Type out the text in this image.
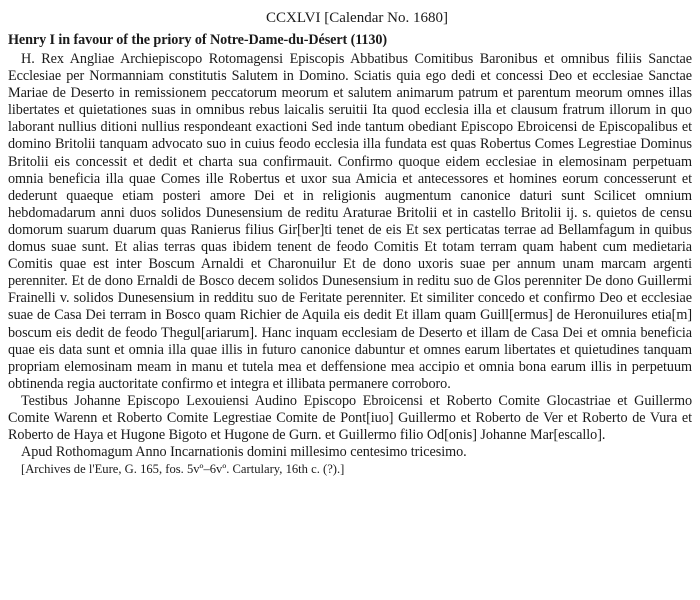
CCXLVI [Calendar No. 1680]
Henry I in favour of the priory of Notre-Dame-du-Désert (1130)

H. Rex Angliae Archiepiscopo Rotomagensi Episcopis Abbatibus Comitibus Baronibus et omnibus filiis Sanctae Ecclesiae per Normanniam constitutis Salutem in Domino. Sciatis quia ego dedi et concessi Deo et ecclesiae Sanctae Mariae de Deserto in remissionem peccatorum meorum et salutem animarum patrum et parentum meorum omnes illas libertates et quietationes suas in omnibus rebus laicalis seruitii Ita quod ecclesia illa et clausum fratrum illorum in quo laborant nullius ditioni nullius respondeant exactioni Sed inde tantum obediant Episcopo Ebroicensi de Episcopalibus et domino Britolii tanquam advocato suo in cuius feodo ecclesia illa fundata est quas Robertus Comes Legrestiae Dominus Britolii eis concessit et dedit et charta sua confirmauit. Confirmo quoque eidem ecclesiae in elemosinam perpetuam omnia beneficia illa quae Comes ille Robertus et uxor sua Amicia et antecessores et homines eorum concesserunt et dederunt quaeque etiam posteri amore Dei et in religionis augmentum canonice daturi sunt Scilicet omnium hebdomadarum anni duos solidos Dunesensium de reditu Araturae Britolii et in castello Britolii ij. s. quietos de censu domorum suarum duarum quas Ranierus filius Gir[ber]ti tenet de eis Et sex perticatas terrae ad Bellamfagum in quibus domus suae sunt. Et alias terras quas ibidem tenent de feodo Comitis Et totam terram quam habent cum medietaria Comitis quae est inter Boscum Arnaldi et Charonuilur Et de dono uxoris suae per annum unam marcam argenti perenniter. Et de dono Ernaldi de Bosco decem solidos Dunesensium in reditu suo de Glos perenniter De dono Guillermi Frainelli v. solidos Dunesensium in redditu suo de Feritate perenniter. Et similiter concedo et confirmo Deo et ecclesiae suae de Casa Dei terram in Bosco quam Richier de Aquila eis dedit Et illam quam Guill[ermus] de Heronuilures etia[m] boscum eis dedit de feodo Thegul[ariarum]. Hanc inquam ecclesiam de Deserto et illam de Casa Dei et omnia beneficia quae eis data sunt et omnia illa quae illis in futuro canonice dabuntur et omnes earum libertates et quietudines tanquam propriam elemosinam meam in manu et tutela mea et deffensione mea accipio et omnia bona earum illis in perpetuum obtinenda regia auctoritate confirmo et integra et illibata permanere corroboro.

Testibus Johanne Episcopo Lexouiensi Audino Episcopo Ebroicensi et Roberto Comite Glocastriae et Guillermo Comite Warenn et Roberto Comite Legrestiae Comite de Pont[iuo] Guillermo et Roberto de Ver et Roberto de Vura et Roberto de Haya et Hugone Bigoto et Hugone de Gurn. et Guillermo filio Od[onis] Johanne Mar[escallo].

Apud Rothomagum Anno Incarnationis domini millesimo centesimo tricesimo.

[Archives de l'Eure, G. 165, fos. 5vº–6vº. Cartulary, 16th c. (?).]
